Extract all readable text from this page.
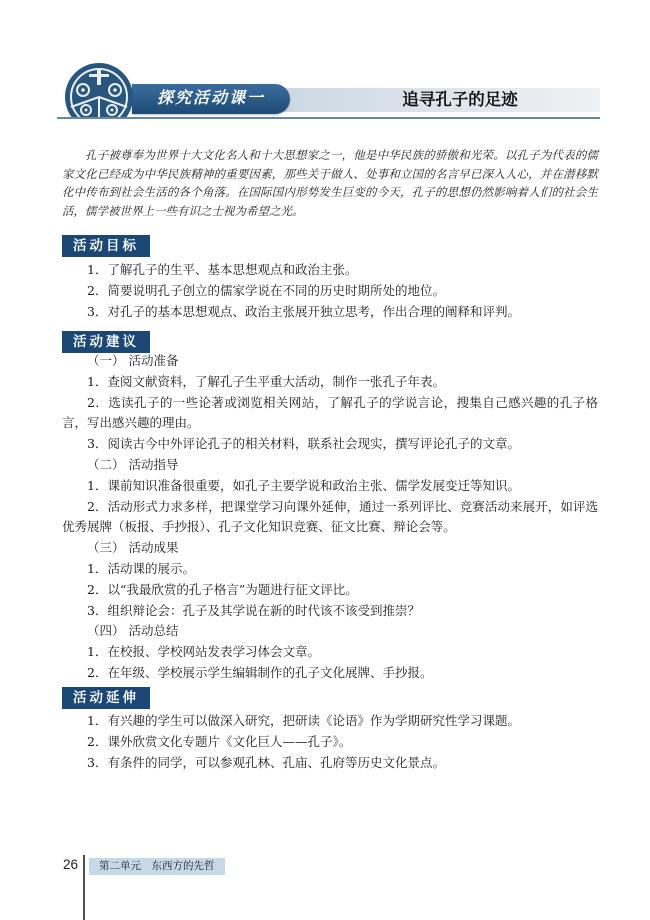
探究活动课一	追寻孔子的足迹
孔子被尊奉为世界十大文化名人和十大思想家之一，他是中华民族的骄傲和光荣。以孔子为代表的儒家文化已经成为中华民族精神的重要因素，那些关于做人、处事和立国的名言早已深入人心，并在潜移默化中传布到社会生活的各个角落。在国际国内形势发生巨变的今天，孔子的思想仍然影响着人们的社会生活，儒学被世界上一些有识之士视为希望之光。
活动目标

1．了解孔子的生平、基本思想观点和政治主张。

2．简要说明孔子创立的儒家学说在不同的历史时期所处的地位。

3．对孔子的基本思想观点、政治主张展开独立思考，作出合理的阐释和评判。

活动建议

（一） 活动准备

1．查阅文献资料，了解孔子生平重大活动，制作一张孔子年表。

2．选读孔子的一些论著或浏览相关网站，了解孔子的学说言论，搜集自己感兴趣的孔子格言，写出感兴趣的理由。

3．阅读古今中外评论孔子的相关材料，联系社会现实，撰写评论孔子的文章。

（二） 活动指导

1．课前知识准备很重要，如孔子主要学说和政治主张、儒学发展变迁等知识。

2．活动形式力求多样，把课堂学习向课外延伸，通过一系列评比、竞赛活动来展开，如评选优秀展牌（板报、手抄报）、孔子文化知识竞赛、征文比赛、辩论会等。

（三） 活动成果

1．活动课的展示。

2．以“我最欣赏的孔子格言”为题进行征文评比。

3．组织辩论会：孔子及其学说在新的时代该不该受到推崇？

（四） 活动总结

1．在校报、学校网站发表学习体会文章。

2．在年级、学校展示学生编辑制作的孔子文化展牌、手抄报。

活动延伸

1．有兴趣的学生可以做深入研究，把研读《论语》作为学期研究性学习课题。

2．课外欣赏文化专题片《文化巨人——孔子》。

3．有条件的同学，可以参观孔林、孔庙、孔府等历史文化景点。

26	第二单元　东西方的先哲
